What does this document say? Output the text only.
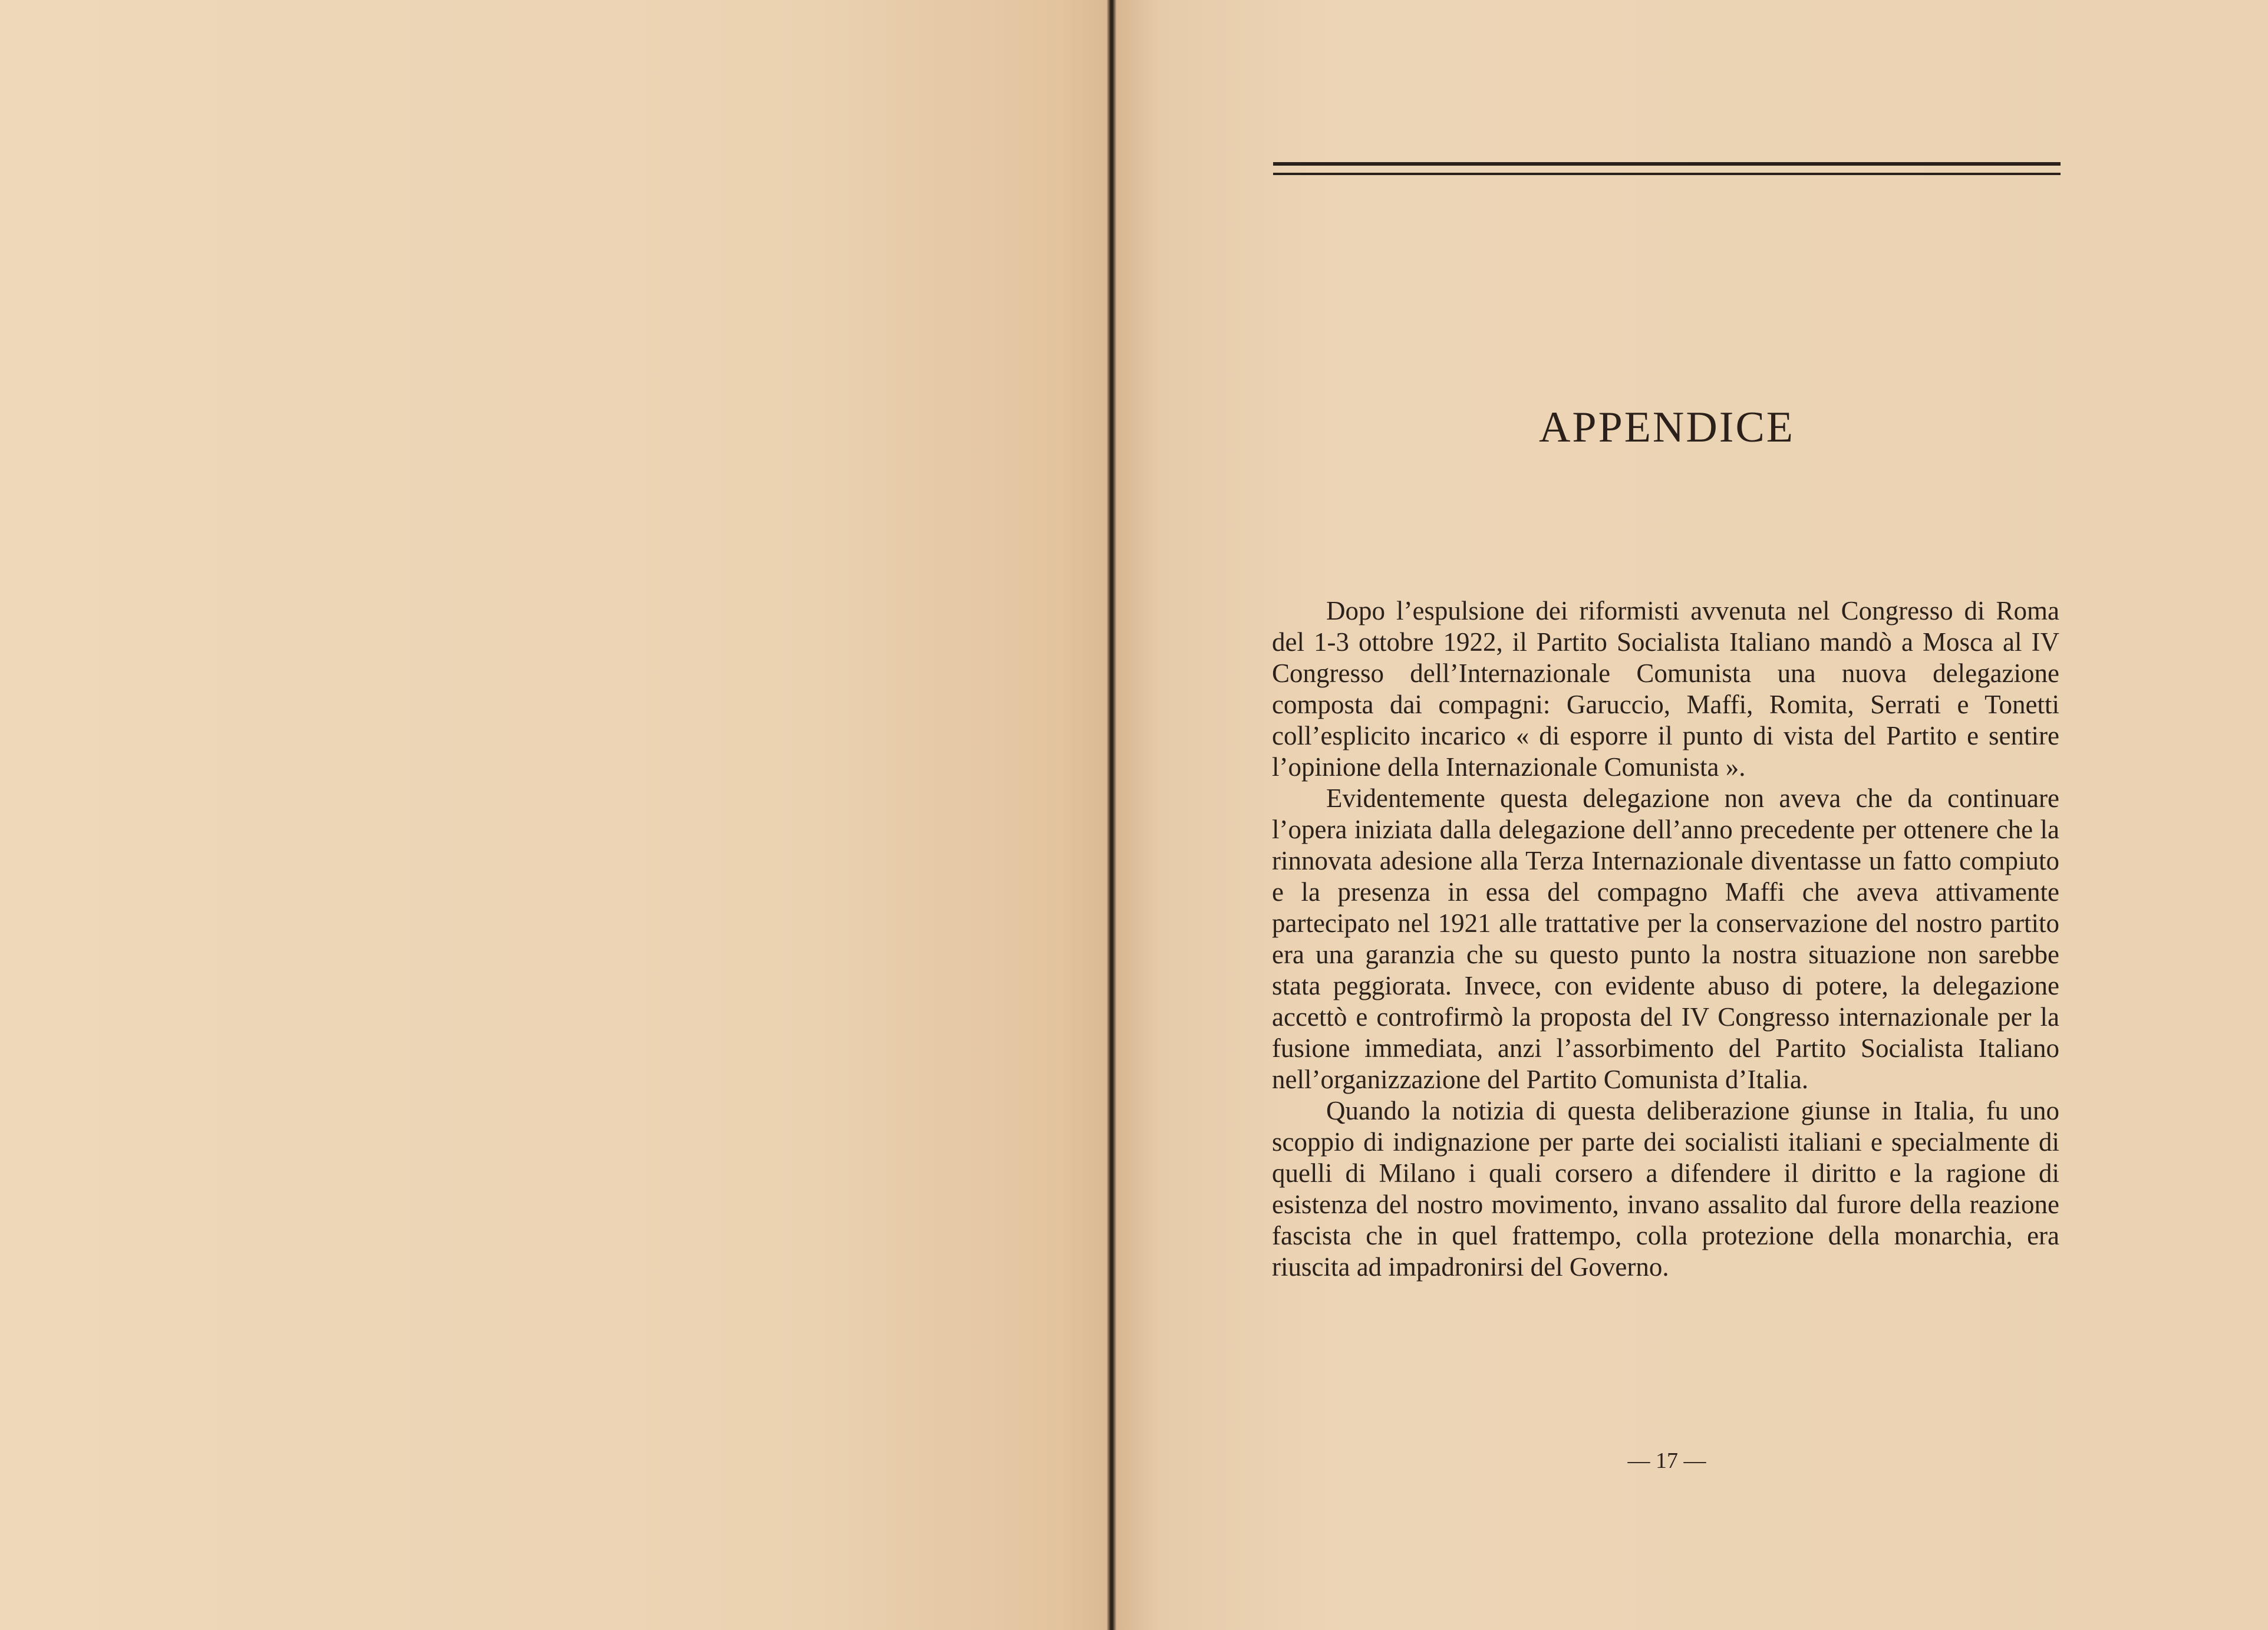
APPENDICE

Dopo l’espulsione dei riformisti avvenuta nel Congresso di Roma del 1-3 ottobre 1922, il Partito Socialista Italiano mandò a Mosca al IV Congresso dell’Internazionale Comunista una nuova delegazione composta dai compagni: Garuccio, Maffi, Romita, Serrati e Tonetti coll’esplicito incarico « di esporre il punto di vista del Partito e sentire l’opinione della Internazionale Comunista ».

Evidentemente questa delegazione non aveva che da continuare l’opera iniziata dalla delegazione dell’anno precedente per ottenere che la rinnovata adesione alla Terza Internazionale diventasse un fatto compiuto e la presenza in essa del compagno Maffi che aveva attivamente partecipato nel 1921 alle trattative per la conservazione del nostro partito era una garanzia che su questo punto la nostra situazione non sarebbe stata peggiorata. Invece, con evidente abuso di potere, la delegazione accettò e controfirmò la proposta del IV Congresso internazionale per la fusione immediata, anzi l’assorbimento del Partito Socialista Italiano nell’organizzazione del Partito Comunista d’Italia.

Quando la notizia di questa deliberazione giunse in Italia, fu uno scoppio di indignazione per parte dei socialisti italiani e specialmente di quelli di Milano i quali corsero a difendere il diritto e la ragione di esistenza del nostro movimento, invano assalito dal furore della reazione fascista che in quel frattempo, colla protezione della monarchia, era riuscita ad impadronirsi del Governo.

— 17 —
